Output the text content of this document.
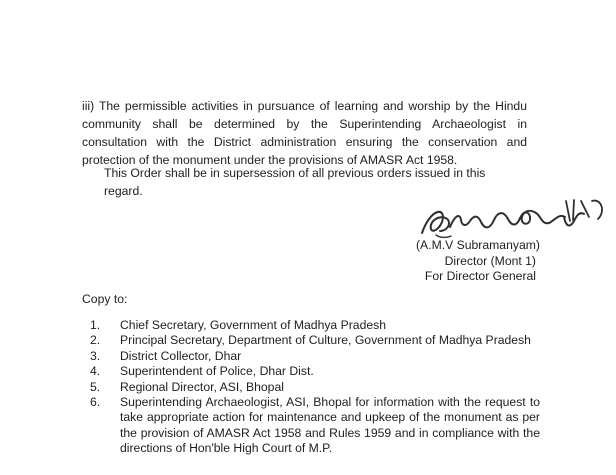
iii) The permissible activities in pursuance of learning and worship by the Hindu community shall be determined by the Superintending Archaeologist in consultation with the District administration ensuring the conservation and protection of the monument under the provisions of AMASR Act 1958.

This Order shall be in supersession of all previous orders issued in this regard.

(A.M.V Subramanyam)
Director (Mont 1)
For Director General

Copy to:

1.	Chief Secretary, Government of Madhya Pradesh
2.	Principal Secretary, Department of Culture, Government of Madhya Pradesh
3.	District Collector, Dhar
4.	Superintendent of Police, Dhar Dist.
5.	Regional Director, ASI, Bhopal
6.	Superintending Archaeologist, ASI, Bhopal for information with the request to take appropriate action for maintenance and upkeep of the monument as per the provision of AMASR Act 1958 and Rules 1959 and in compliance with the directions of Hon'ble High Court of M.P.
